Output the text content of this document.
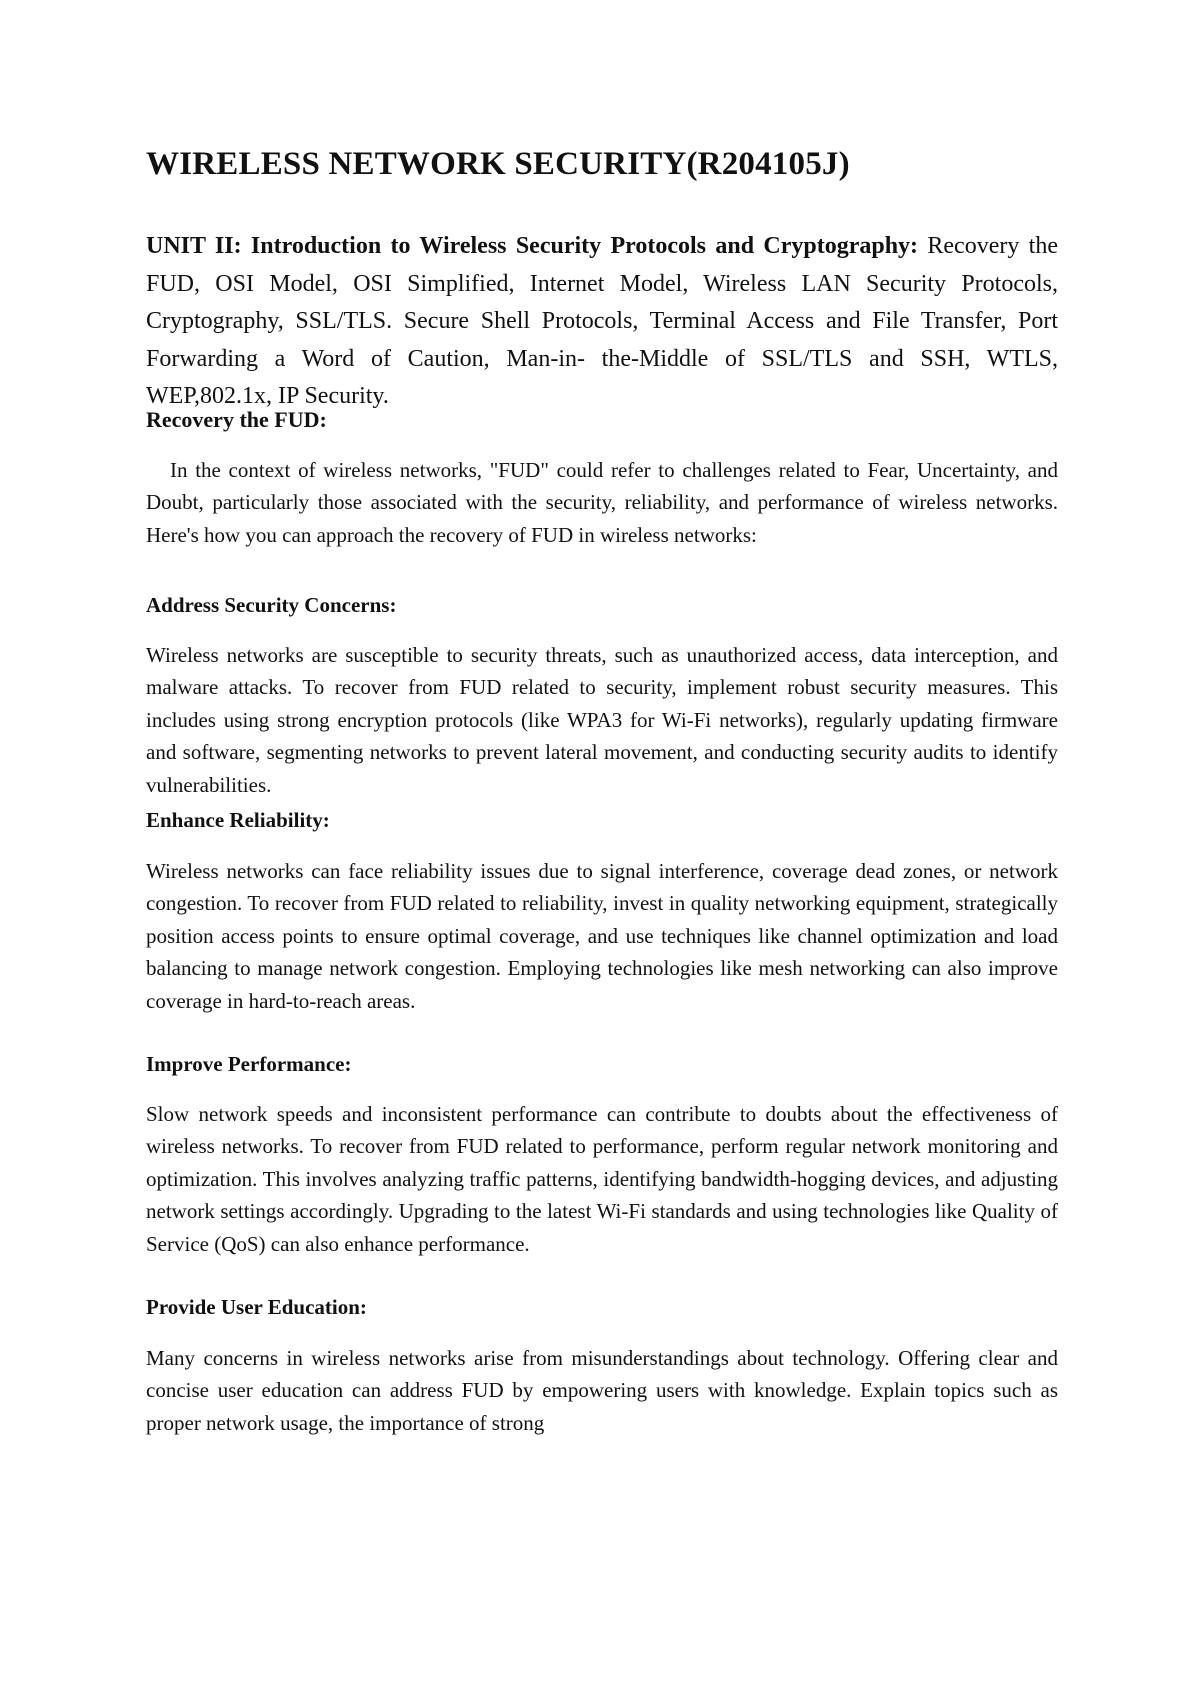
WIRELESS NETWORK SECURITY(R204105J)

UNIT II: Introduction to Wireless Security Protocols and Cryptography: Recovery the FUD, OSI Model, OSI Simplified, Internet Model, Wireless LAN Security Protocols, Cryptography, SSL/TLS. Secure Shell Protocols, Terminal Access and File Transfer, Port Forwarding a Word of Caution, Man-in- the-Middle of SSL/TLS and SSH, WTLS, WEP,802.1x, IP Security.

Recovery the FUD:

In the context of wireless networks, "FUD" could refer to challenges related to Fear, Uncertainty, and Doubt, particularly those associated with the security, reliability, and performance of wireless networks. Here's how you can approach the recovery of FUD in wireless networks:

Address Security Concerns:

Wireless networks are susceptible to security threats, such as unauthorized access, data interception, and malware attacks. To recover from FUD related to security, implement robust security measures. This includes using strong encryption protocols (like WPA3 for Wi-Fi networks), regularly updating firmware and software, segmenting networks to prevent lateral movement, and conducting security audits to identify vulnerabilities.

Enhance Reliability:

Wireless networks can face reliability issues due to signal interference, coverage dead zones, or network congestion. To recover from FUD related to reliability, invest in quality networking equipment, strategically position access points to ensure optimal coverage, and use techniques like channel optimization and load balancing to manage network congestion. Employing technologies like mesh networking can also improve coverage in hard-to-reach areas.

Improve Performance:

Slow network speeds and inconsistent performance can contribute to doubts about the effectiveness of wireless networks. To recover from FUD related to performance, perform regular network monitoring and optimization. This involves analyzing traffic patterns, identifying bandwidth-hogging devices, and adjusting network settings accordingly. Upgrading to the latest Wi-Fi standards and using technologies like Quality of Service (QoS) can also enhance performance.

Provide User Education:

Many concerns in wireless networks arise from misunderstandings about technology. Offering clear and concise user education can address FUD by empowering users with knowledge. Explain topics such as proper network usage, the importance of strong
